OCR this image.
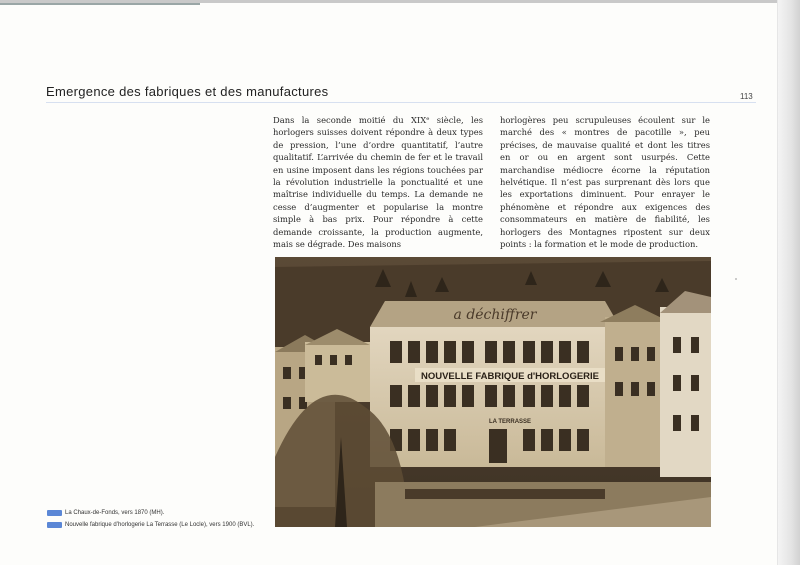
Emergence des fabriques et des manufactures	113
Dans la seconde moitié du XIXᵉ siècle, les horlogers suisses doivent répondre à deux types de pression, l’une d’ordre quantitatif, l’autre qualitatif. L’arrivée du chemin de fer et le travail en usine imposent dans les régions touchées par la révolution industrielle la ponctualité et une maîtrise individuelle du temps. La demande ne cesse d’augmenter et popularise la montre simple à bas prix. Pour répondre à cette demande croissante, la production augmente, mais se dégrade. Des maisons
horlogères peu scrupuleuses écoulent sur le marché des « montres de pacotille », peu précises, de mauvaise qualité et dont les titres en or ou en argent sont usurpés. Cette marchandise médiocre écorne la réputation helvétique. Il n’est pas surprenant dès lors que les exportations diminuent. Pour enrayer le phénomène et répondre aux exigences des consommateurs en matière de fiabilité, les horlogers des Montagnes ripostent sur deux points : la formation et le mode de production.
NOUVELLE FABRIQUE d'HORLOGERIE
LA TERRASSE
a déchiffrer
La Chaux-de-Fonds, vers 1870 (MH).
Nouvelle fabrique d’horlogerie La Terrasse (Le Locle), vers 1900 (BVL).
